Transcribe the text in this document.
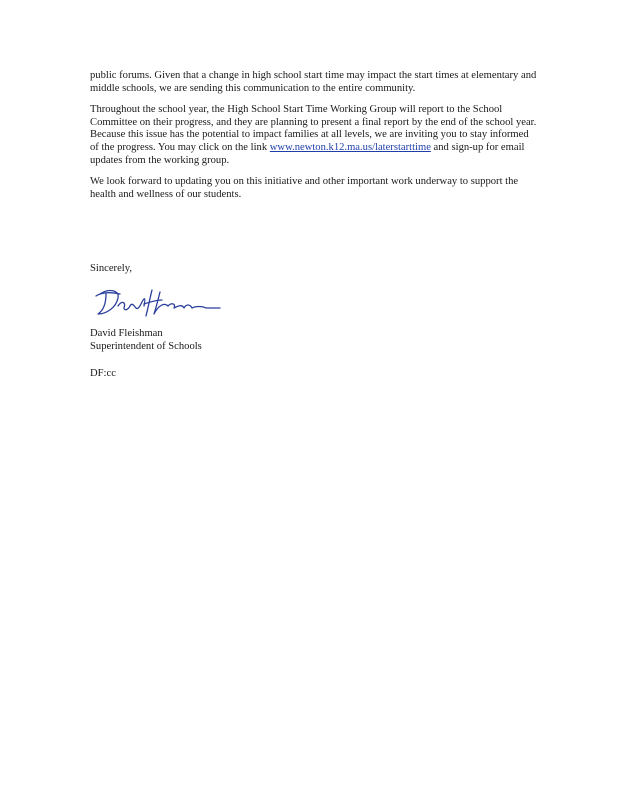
public forums. Given that a change in high school start time may impact the start times at elementary and middle schools, we are sending this communication to the entire community.

Throughout the school year, the High School Start Time Working Group will report to the School Committee on their progress, and they are planning to present a final report by the end of the school year. Because this issue has the potential to impact families at all levels, we are inviting you to stay informed of the progress. You may click on the link www.newton.k12.ma.us/laterstarttime and sign-up for email updates from the working group.

We look forward to updating you on this initiative and other important work underway to support the health and wellness of our students.

Sincerely,

David Fleishman

Superintendent of Schools

DF:cc
